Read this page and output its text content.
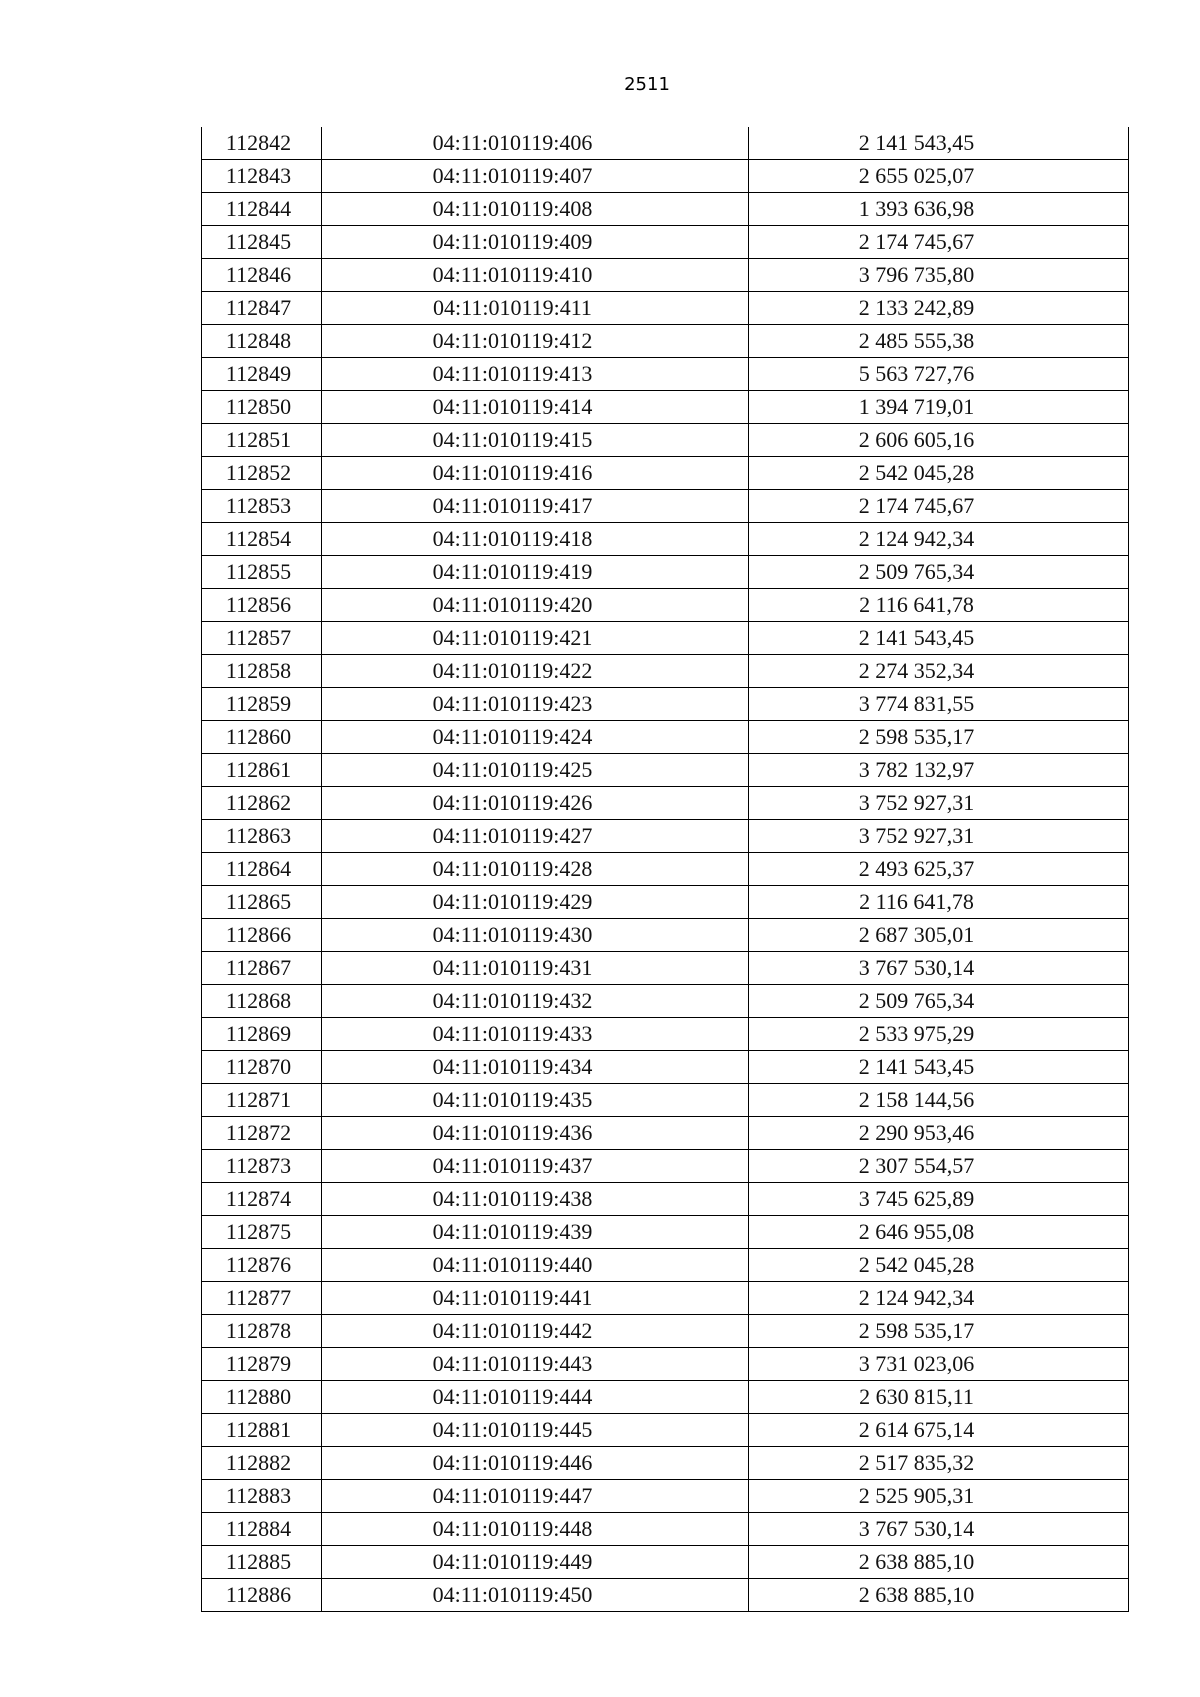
2511
112842	04:11:010119:406	2 141 543,45
112843	04:11:010119:407	2 655 025,07
112844	04:11:010119:408	1 393 636,98
112845	04:11:010119:409	2 174 745,67
112846	04:11:010119:410	3 796 735,80
112847	04:11:010119:411	2 133 242,89
112848	04:11:010119:412	2 485 555,38
112849	04:11:010119:413	5 563 727,76
112850	04:11:010119:414	1 394 719,01
112851	04:11:010119:415	2 606 605,16
112852	04:11:010119:416	2 542 045,28
112853	04:11:010119:417	2 174 745,67
112854	04:11:010119:418	2 124 942,34
112855	04:11:010119:419	2 509 765,34
112856	04:11:010119:420	2 116 641,78
112857	04:11:010119:421	2 141 543,45
112858	04:11:010119:422	2 274 352,34
112859	04:11:010119:423	3 774 831,55
112860	04:11:010119:424	2 598 535,17
112861	04:11:010119:425	3 782 132,97
112862	04:11:010119:426	3 752 927,31
112863	04:11:010119:427	3 752 927,31
112864	04:11:010119:428	2 493 625,37
112865	04:11:010119:429	2 116 641,78
112866	04:11:010119:430	2 687 305,01
112867	04:11:010119:431	3 767 530,14
112868	04:11:010119:432	2 509 765,34
112869	04:11:010119:433	2 533 975,29
112870	04:11:010119:434	2 141 543,45
112871	04:11:010119:435	2 158 144,56
112872	04:11:010119:436	2 290 953,46
112873	04:11:010119:437	2 307 554,57
112874	04:11:010119:438	3 745 625,89
112875	04:11:010119:439	2 646 955,08
112876	04:11:010119:440	2 542 045,28
112877	04:11:010119:441	2 124 942,34
112878	04:11:010119:442	2 598 535,17
112879	04:11:010119:443	3 731 023,06
112880	04:11:010119:444	2 630 815,11
112881	04:11:010119:445	2 614 675,14
112882	04:11:010119:446	2 517 835,32
112883	04:11:010119:447	2 525 905,31
112884	04:11:010119:448	3 767 530,14
112885	04:11:010119:449	2 638 885,10
112886	04:11:010119:450	2 638 885,10
